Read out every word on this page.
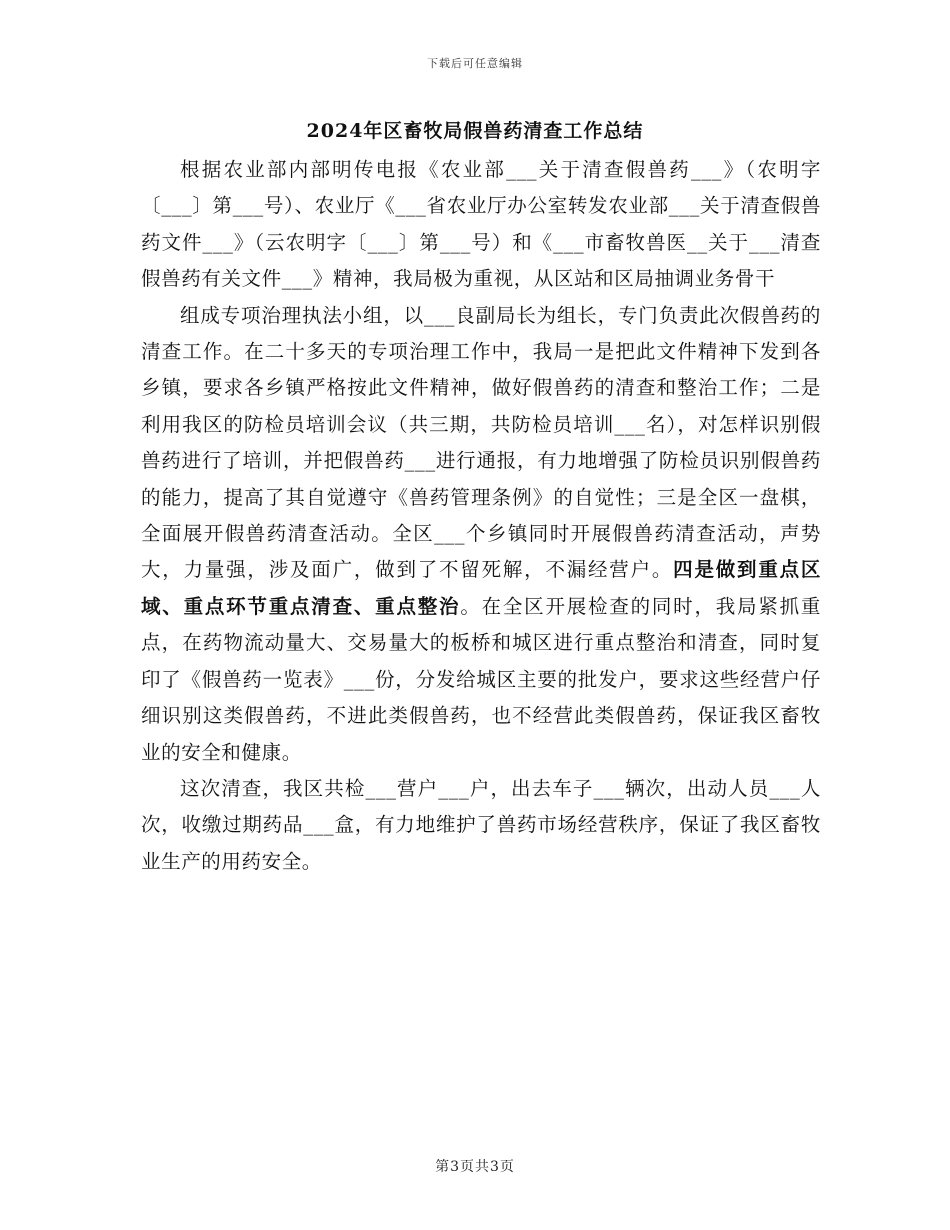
下载后可任意编辑
2024年区畜牧局假兽药清查工作总结

根据农业部内部明传电报《农业部___关于清查假兽药___》（农明字〔___〕第___号）、农业厅《___省农业厅办公室转发农业部___关于清查假兽药文件___》（云农明字〔___〕第___号）和《___市畜牧兽医__关于___清查假兽药有关文件___》精神，我局极为重视，从区站和区局抽调业务骨干

组成专项治理执法小组，以___良副局长为组长，专门负责此次假兽药的清查工作。在二十多天的专项治理工作中，我局一是把此文件精神下发到各乡镇，要求各乡镇严格按此文件精神，做好假兽药的清查和整治工作；二是利用我区的防检员培训会议（共三期，共防检员培训___名），对怎样识别假兽药进行了培训，并把假兽药___进行通报，有力地增强了防检员识别假兽药的能力，提高了其自觉遵守《兽药管理条例》的自觉性；三是全区一盘棋，全面展开假兽药清查活动。全区___个乡镇同时开展假兽药清查活动，声势大，力量强，涉及面广，做到了不留死解，不漏经营户。四是做到重点区域、重点环节重点清查、重点整治。在全区开展检查的同时，我局紧抓重点，在药物流动量大、交易量大的板桥和城区进行重点整治和清查，同时复印了《假兽药一览表》___份，分发给城区主要的批发户，要求这些经营户仔细识别这类假兽药，不进此类假兽药，也不经营此类假兽药，保证我区畜牧业的安全和健康。

这次清查，我区共检___营户___户，出去车子___辆次，出动人员___人次，收缴过期药品___盒，有力地维护了兽药市场经营秩序，保证了我区畜牧业生产的用药安全。

第3页共3页
